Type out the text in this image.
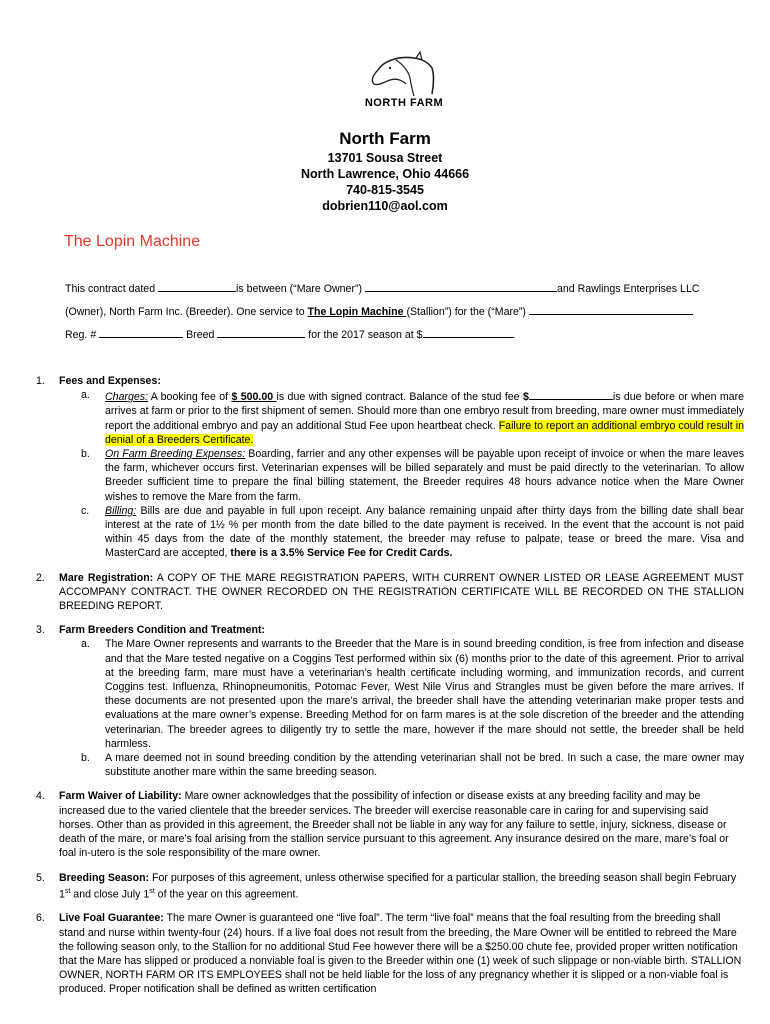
NORTH FARM
North Farm
13701 Sousa Street
North Lawrence, Ohio 44666
740-815-3545
dobrien110@aol.com
The Lopin Machine

This contract dated	is between (“Mare Owner”)	and Rawlings Enterprises LLC

(Owner), North Farm Inc. (Breeder). One service to The Lopin Machine (Stallion”) for the (“Mare”)

Reg. #	Breed	for the 2017 season at $	.

1. Fees and Expenses:
a. Charges: A booking fee of $ 500.00 is due with signed contract. Balance of the stud fee $	is due before or when mare arrives at farm or prior to the first shipment of semen. Should more than one embryo result from breeding, mare owner must immediately report the additional embryo and pay an additional Stud Fee upon heartbeat check. Failure to report an additional embryo could result in denial of a Breeders Certificate.
b. On Farm Breeding Expenses: Boarding, farrier and any other expenses will be payable upon receipt of invoice or when the mare leaves the farm, whichever occurs first. Veterinarian expenses will be billed separately and must be paid directly to the veterinarian. To allow Breeder sufficient time to prepare the final billing statement, the Breeder requires 48 hours advance notice when the Mare Owner wishes to remove the Mare from the farm.
c. Billing: Bills are due and payable in full upon receipt. Any balance remaining unpaid after thirty days from the billing date shall bear interest at the rate of 1½ % per month from the date billed to the date payment is received. In the event that the account is not paid within 45 days from the date of the monthly statement, the breeder may refuse to palpate, tease or breed the mare. Visa and MasterCard are accepted, there is a 3.5% Service Fee for Credit Cards.
2. Mare Registration: A COPY OF THE MARE REGISTRATION PAPERS, WITH CURRENT OWNER LISTED OR LEASE AGREEMENT MUST ACCOMPANY CONTRACT. THE OWNER RECORDED ON THE REGISTRATION CERTIFICATE WILL BE RECORDED ON THE STALLION BREEDING REPORT.
3. Farm Breeders Condition and Treatment:
a. The Mare Owner represents and warrants to the Breeder that the Mare is in sound breeding condition, is free from infection and disease and that the Mare tested negative on a Coggins Test performed within six (6) months prior to the date of this agreement. Prior to arrival at the breeding farm, mare must have a veterinarian’s health certificate including worming, and immunization records, and current Coggins test. Influenza, Rhinopneumonitis, Potomac Fever, West Nile Virus and Strangles must be given before the mare arrives. If these documents are not presented upon the mare’s arrival, the breeder shall have the attending veterinarian make proper tests and evaluations at the mare owner’s expense. Breeding Method for on farm mares is at the sole discretion of the breeder and the attending veterinarian. The breeder agrees to diligently try to settle the mare, however if the mare should not settle, the breeder shall be held harmless.
b. A mare deemed not in sound breeding condition by the attending veterinarian shall not be bred. In such a case, the mare owner may substitute another mare within the same breeding season.
4. Farm Waiver of Liability: Mare owner acknowledges that the possibility of infection or disease exists at any breeding facility and may be increased due to the varied clientele that the breeder services. The breeder will exercise reasonable care in caring for and supervising said horses. Other than as provided in this agreement, the Breeder shall not be liable in any way for any failure to settle, injury, sickness, disease or death of the mare, or mare’s foal arising from the stallion service pursuant to this agreement. Any insurance desired on the mare, mare’s foal or foal in-utero is the sole responsibility of the mare owner.
5. Breeding Season: For purposes of this agreement, unless otherwise specified for a particular stallion, the breeding season shall begin February 1st and close July 1st of the year on this agreement.
6. Live Foal Guarantee: The mare Owner is guaranteed one “live foal”. The term “live foal” means that the foal resulting from the breeding shall stand and nurse within twenty-four (24) hours. If a live foal does not result from the breeding, the Mare Owner will be entitled to rebreed the Mare the following season only, to the Stallion for no additional Stud Fee however there will be a $250.00 chute fee, provided proper written notification that the Mare has slipped or produced a nonviable foal is given to the Breeder within one (1) week of such slippage or non-viable birth. STALLION OWNER, NORTH FARM OR ITS EMPLOYEES shall not be held liable for the loss of any pregnancy whether it is slipped or a non-viable foal is produced. Proper notification shall be defined as written certification
